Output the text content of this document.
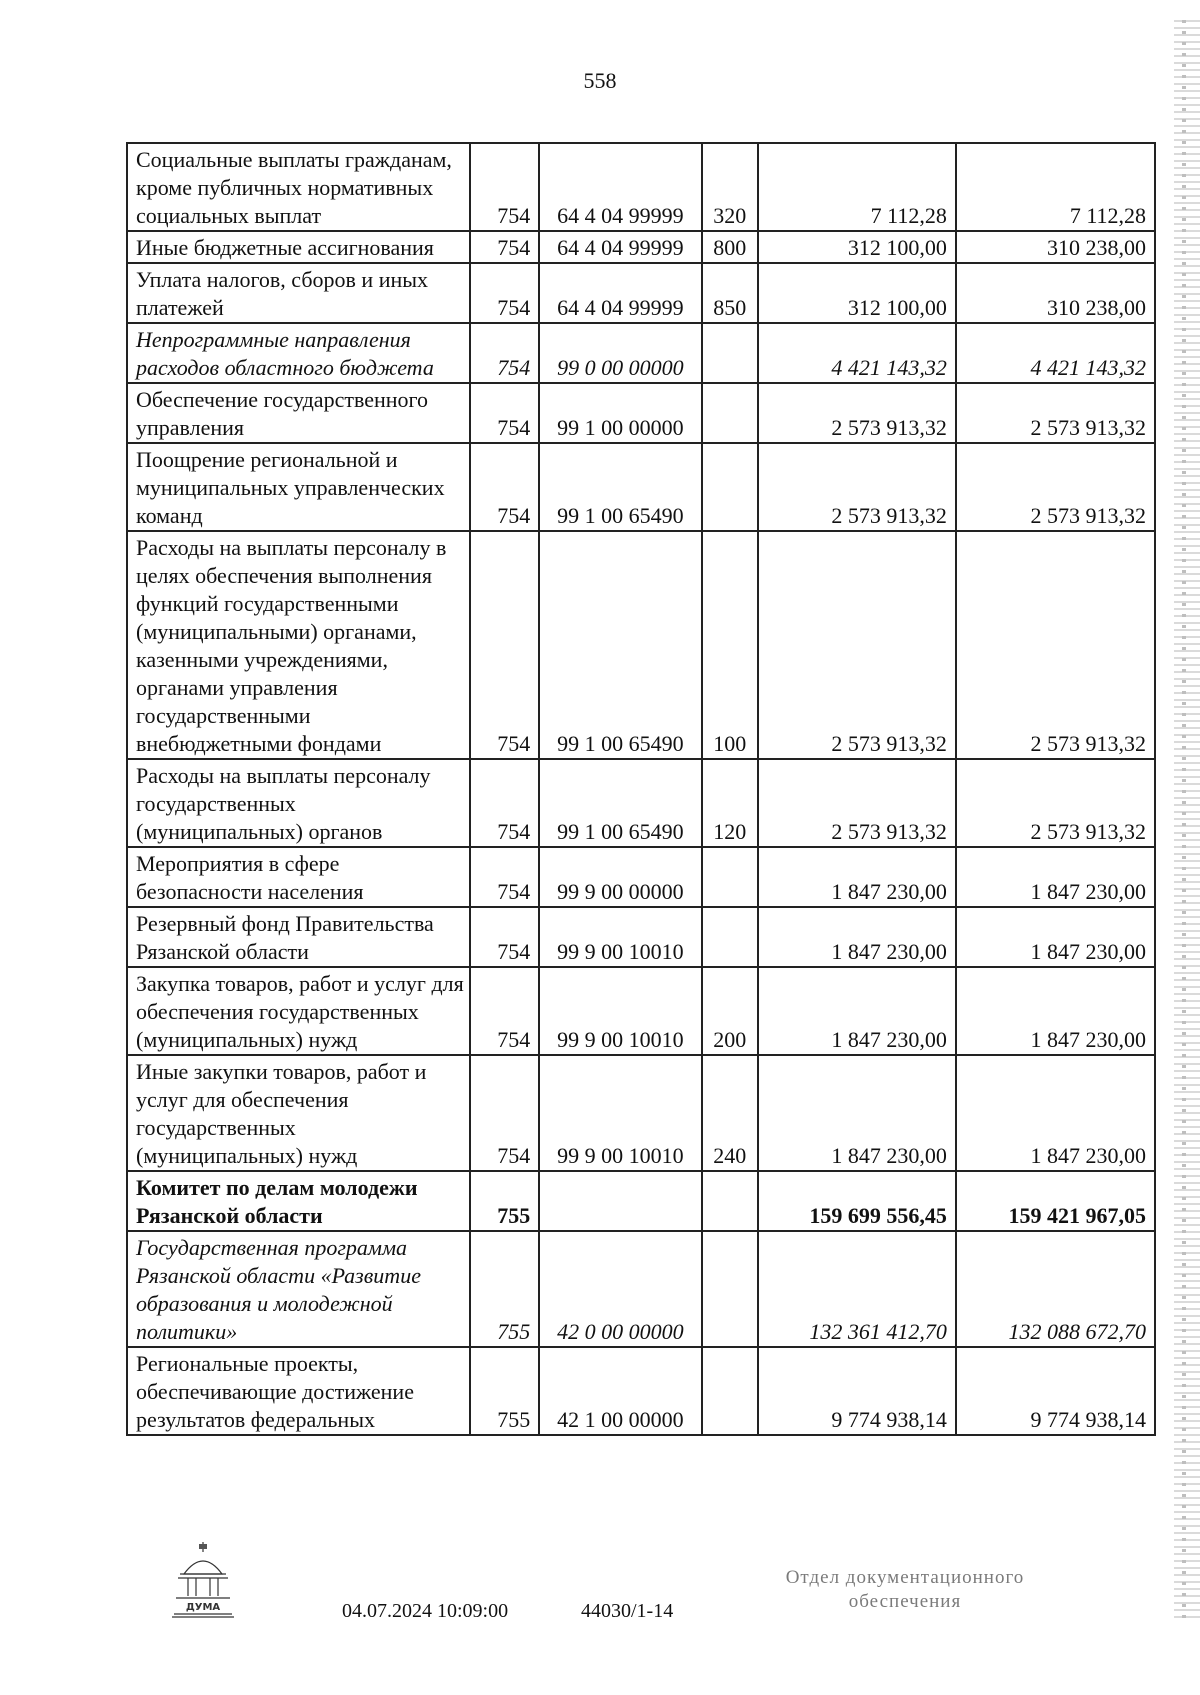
558
Социальные выплаты гражданам, кроме публичных нормативных социальных выплат	754	64 4 04 99999	320	7 112,28	7 112,28
Иные бюджетные ассигнования	754	64 4 04 99999	800	312 100,00	310 238,00
Уплата налогов, сборов и иных платежей	754	64 4 04 99999	850	312 100,00	310 238,00
Непрограммные направления расходов областного бюджета	754	99 0 00 00000		4 421 143,32	4 421 143,32
Обеспечение государственного управления	754	99 1 00 00000		2 573 913,32	2 573 913,32
Поощрение региональной и муниципальных управленческих команд	754	99 1 00 65490		2 573 913,32	2 573 913,32
Расходы на выплаты персоналу в целях обеспечения выполнения функций государственными (муниципальными) органами, казенными учреждениями, органами управления государственными внебюджетными фондами	754	99 1 00 65490	100	2 573 913,32	2 573 913,32
Расходы на выплаты персоналу государственных (муниципальных) органов	754	99 1 00 65490	120	2 573 913,32	2 573 913,32
Мероприятия в сфере безопасности населения	754	99 9 00 00000		1 847 230,00	1 847 230,00
Резервный фонд Правительства Рязанской области	754	99 9 00 10010		1 847 230,00	1 847 230,00
Закупка товаров, работ и услуг для обеспечения государственных (муниципальных) нужд	754	99 9 00 10010	200	1 847 230,00	1 847 230,00
Иные закупки товаров, работ и услуг для обеспечения государственных (муниципальных) нужд	754	99 9 00 10010	240	1 847 230,00	1 847 230,00
Комитет по делам молодежи Рязанской области	755			159 699 556,45	159 421 967,05
Государственная программа Рязанской области «Развитие образования и молодежной политики»	755	42 0 00 00000		132 361 412,70	132 088 672,70
Региональные проекты, обеспечивающие достижение результатов федеральных	755	42 1 00 00000		9 774 938,14	9 774 938,14
ДУМА	04.07.2024 10:09:00	44030/1-14
Отдел документационного
обеспечения
